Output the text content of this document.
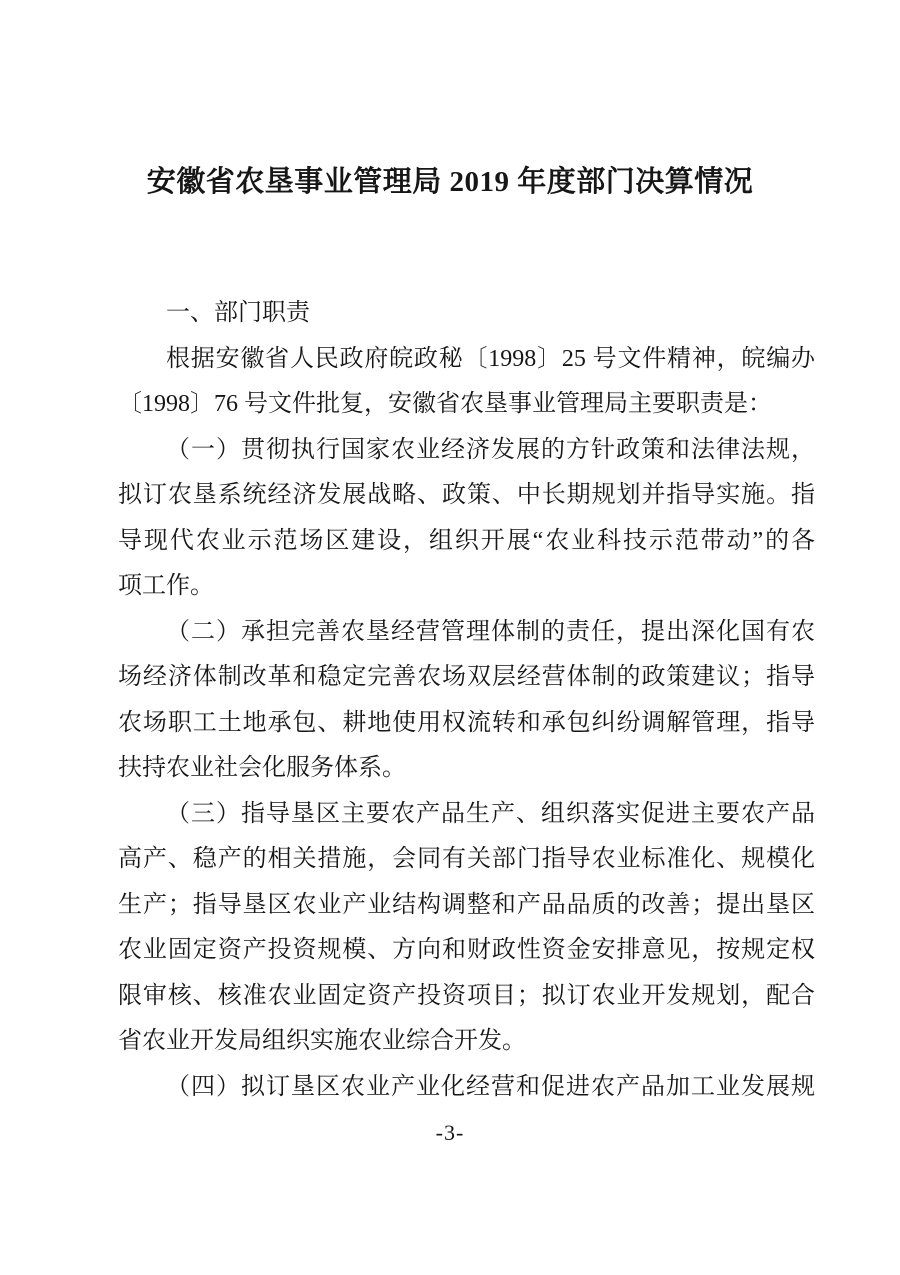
安徽省农垦事业管理局 2019 年度部门决算情况
一、部门职责
根据安徽省人民政府皖政秘〔1998〕25 号文件精神，皖编办
〔1998〕76 号文件批复，安徽省农垦事业管理局主要职责是：
（一）贯彻执行国家农业经济发展的方针政策和法律法规，
拟订农垦系统经济发展战略、政策、中长期规划并指导实施。指
导现代农业示范场区建设，组织开展“农业科技示范带动”的各
项工作。
（二）承担完善农垦经营管理体制的责任，提出深化国有农
场经济体制改革和稳定完善农场双层经营体制的政策建议；指导
农场职工土地承包、耕地使用权流转和承包纠纷调解管理，指导
扶持农业社会化服务体系。
（三）指导垦区主要农产品生产、组织落实促进主要农产品
高产、稳产的相关措施，会同有关部门指导农业标准化、规模化
生产；指导垦区农业产业结构调整和产品品质的改善；提出垦区
农业固定资产投资规模、方向和财政性资金安排意见，按规定权
限审核、核准农业固定资产投资项目；拟订农业开发规划，配合
省农业开发局组织实施农业综合开发。
（四）拟订垦区农业产业化经营和促进农产品加工业发展规
-3-
